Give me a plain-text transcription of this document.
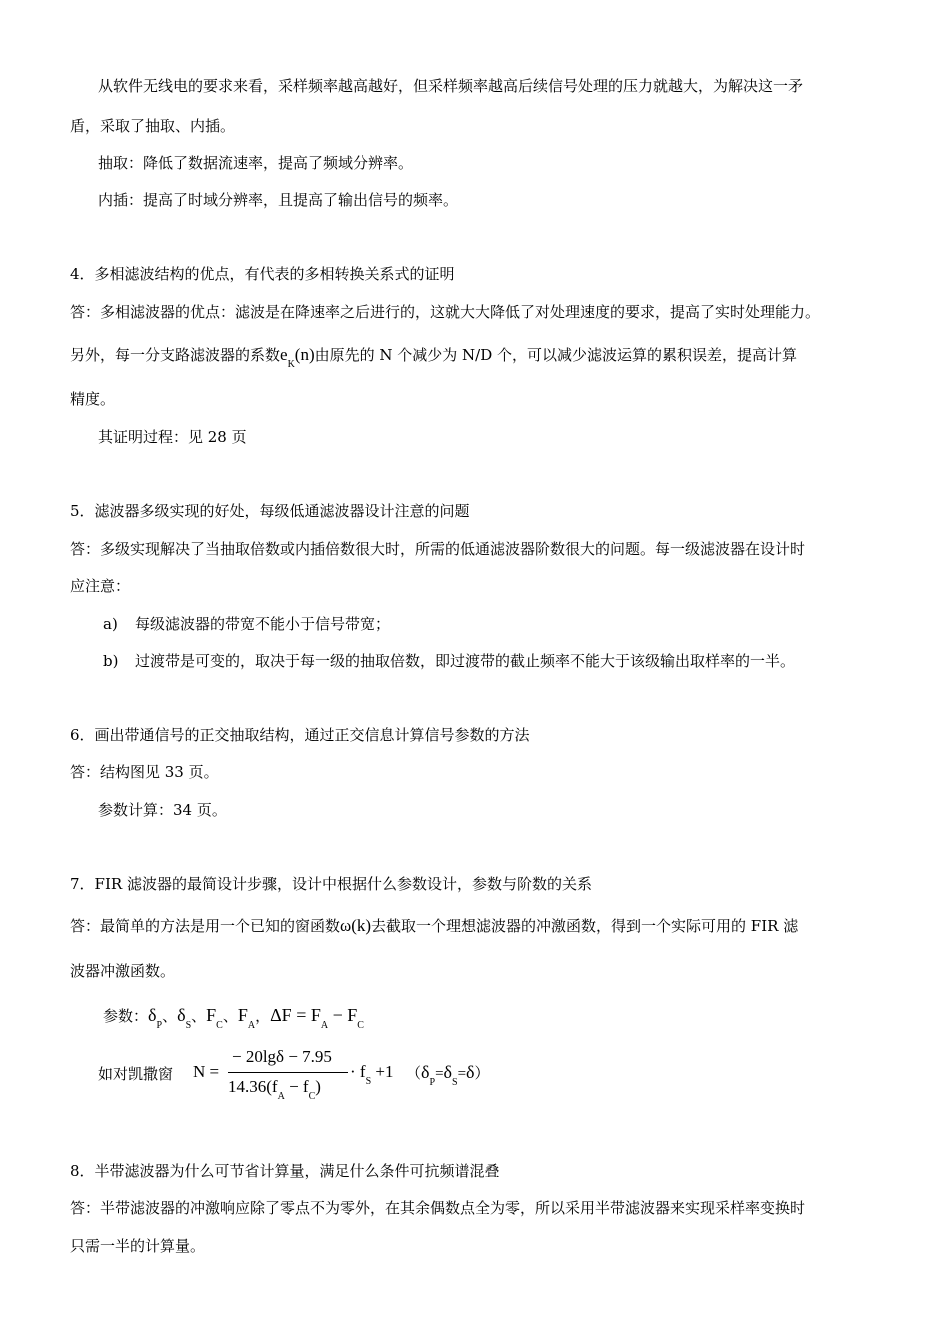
从软件无线电的要求来看，采样频率越高越好，但采样频率越高后续信号处理的压力就越大，为解决这一矛
盾，采取了抽取、内插。
抽取：降低了数据流速率，提高了频域分辨率。
内插：提高了时域分辨率，且提高了输出信号的频率。
4．多相滤波结构的优点，有代表的多相转换关系式的证明
答：多相滤波器的优点：滤波是在降速率之后进行的，这就大大降低了对处理速度的要求，提高了实时处理能力。
另外，每一分支路滤波器的系数$e_K(n)$由原先的 N 个减少为 N/D 个，可以减少滤波运算的累积误差，提高计算
精度。
其证明过程：见 28 页
5．滤波器多级实现的好处，每级低通滤波器设计注意的问题
答：多级实现解决了当抽取倍数或内插倍数很大时，所需的低通滤波器阶数很大的问题。每一级滤波器在设计时
应注意：
a) 每级滤波器的带宽不能小于信号带宽；
b) 过渡带是可变的，取决于每一级的抽取倍数，即过渡带的截止频率不能大于该级输出取样率的一半。
6．画出带通信号的正交抽取结构，通过正交信息计算信号参数的方法
答：结构图见 33 页。
参数计算：34 页。
7．FIR 滤波器的最简设计步骤，设计中根据什么参数设计，参数与阶数的关系
答：最简单的方法是用一个已知的窗函数ω(k)去截取一个理想滤波器的冲激函数，得到一个实际可用的 FIR 滤
波器冲激函数。
参数：$\delta_P$、$\delta_S$、$F_C$、$F_A$，$\Delta F = F_A - F_C$
如对凯撒窗 N =
− 20lgδ − 7.95
$14.36(f_A - f_C)$
· $f_S +1$ $(\delta_P=\delta_S=\delta)$
8．半带滤波器为什么可节省计算量，满足什么条件可抗频谱混叠
答：半带滤波器的冲激响应除了零点不为零外，在其余偶数点全为零，所以采用半带滤波器来实现采样率变换时
只需一半的计算量。
